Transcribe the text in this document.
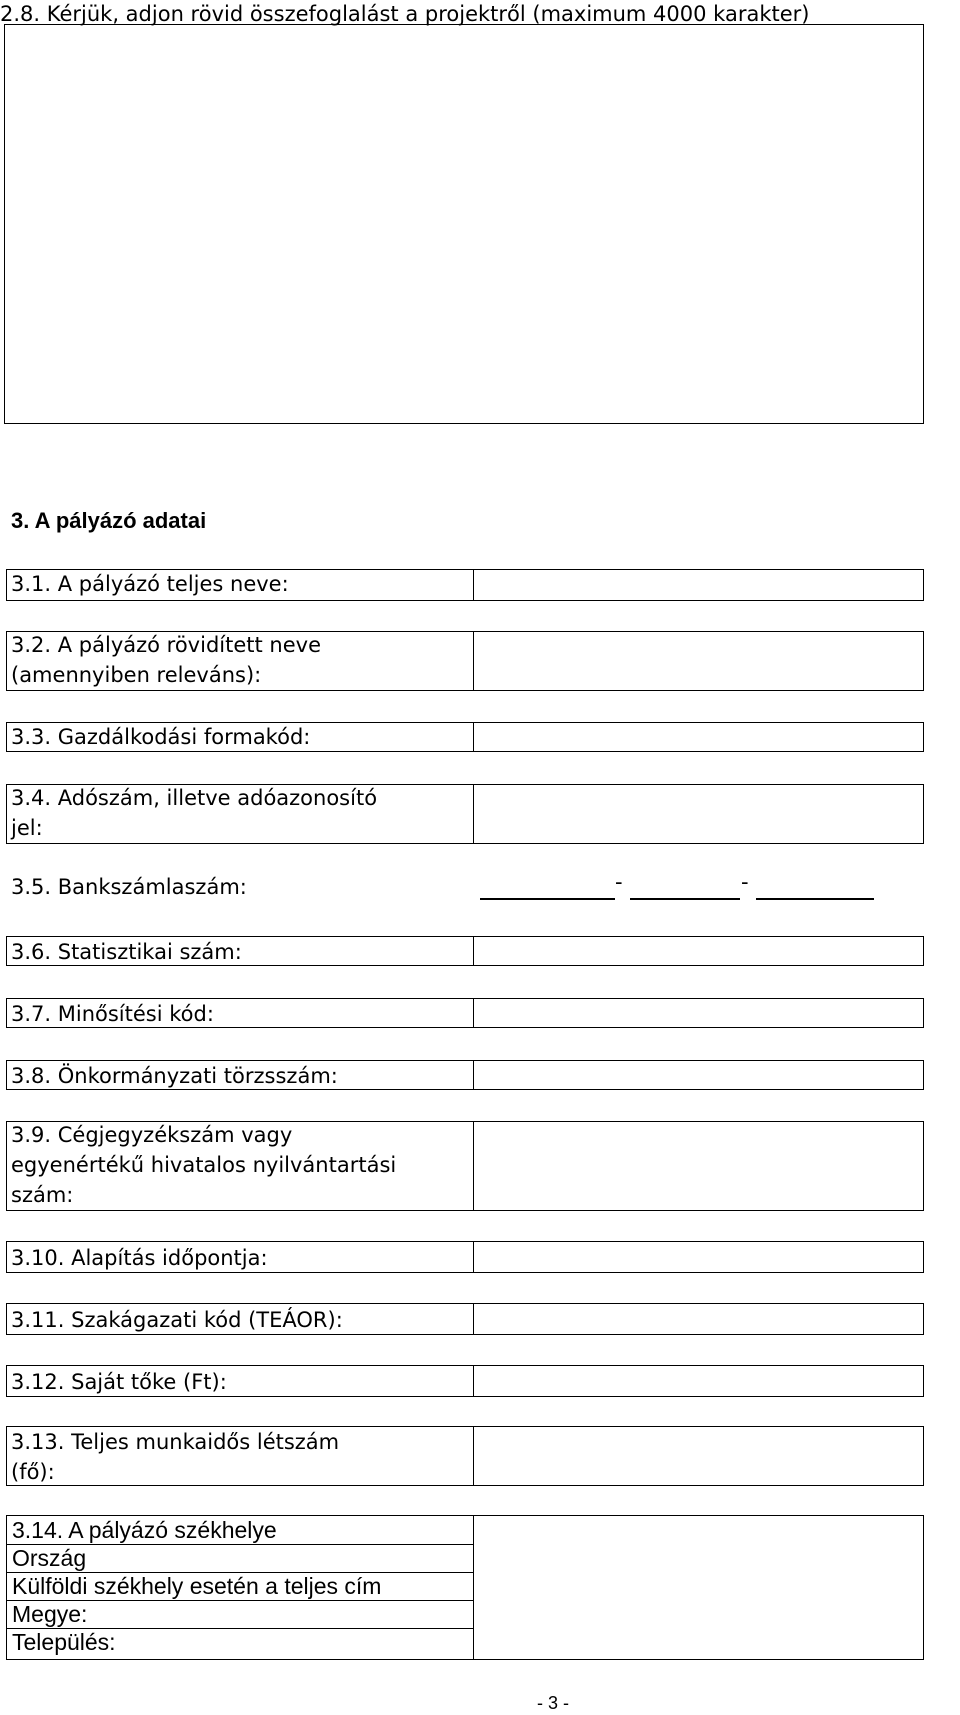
2.8. Kérjük, adjon rövid összefoglalást a projektről (maximum 4000 karakter)
3. A pályázó adatai
3.1. A pályázó teljes neve:
3.2. A pályázó rövidített neve
(amennyiben releváns):
3.3. Gazdálkodási formakód:
3.4. Adószám, illetve adóazonosító
jel:
3.5. Bankszámlaszám:	-	-
3.6. Statisztikai szám:
3.7. Minősítési kód:
3.8. Önkormányzati törzsszám:
3.9. Cégjegyzékszám vagy
egyenértékű hivatalos nyilvántartási
szám:
3.10. Alapítás időpontja:
3.11. Szakágazati kód (TEÁOR):
3.12. Saját tőke (Ft):
3.13. Teljes munkaidős létszám
(fő):
3.14. A pályázó székhelye
Ország
Külföldi székhely esetén a teljes cím
Megye:
Település:
- 3 -
